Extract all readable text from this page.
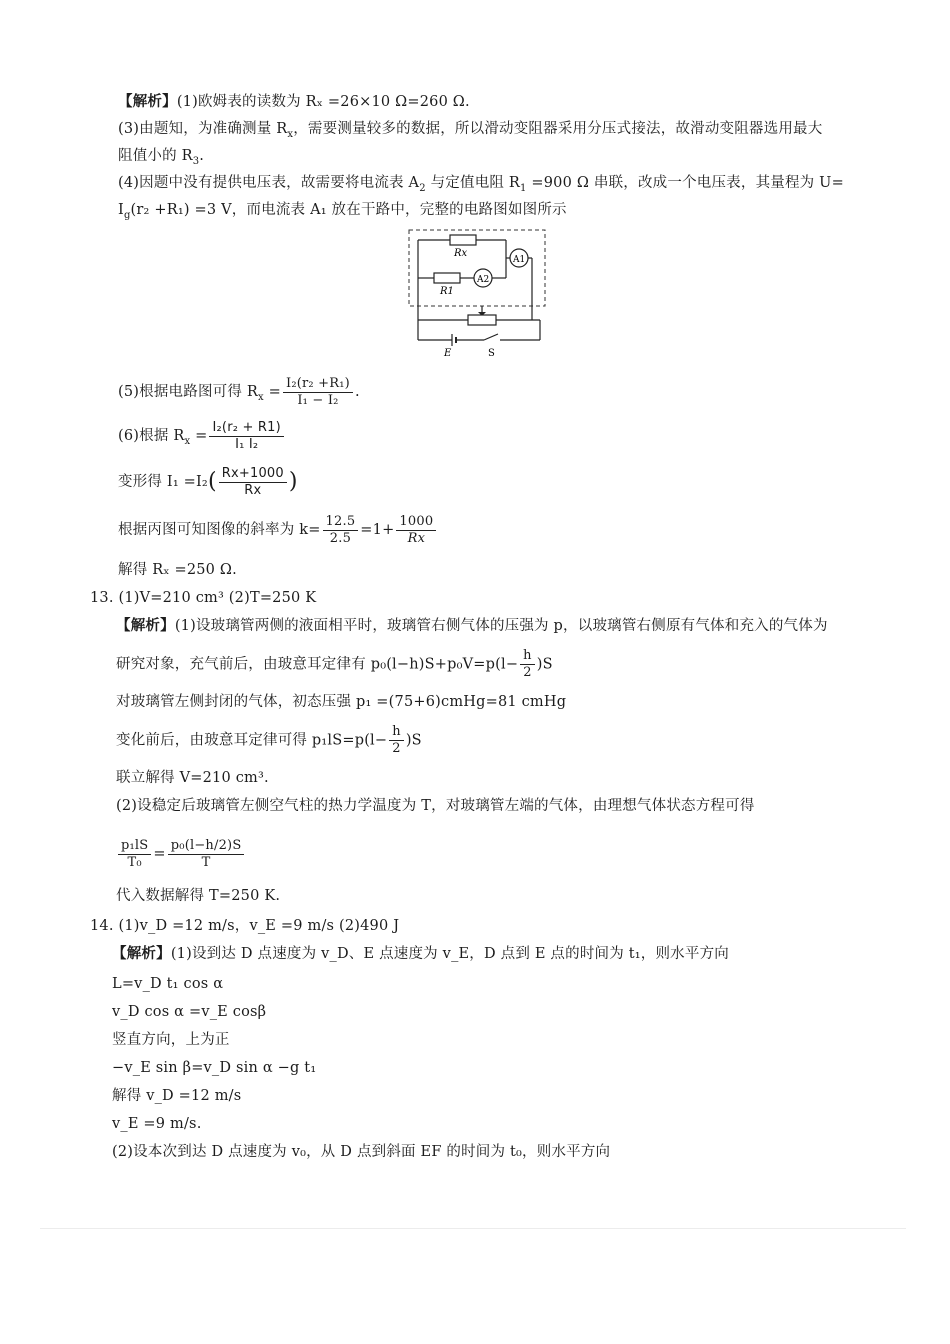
【解析】(1)欧姆表的读数为 Rₓ =26×10 Ω=260 Ω.
(3)由题知，为准确测量 $R_x$，需要测量较多的数据，所以滑动变阻器采用分压式接法，故滑动变阻器选用最大
阻值小的 $R_3$.
(4)因题中没有提供电压表，故需要将电流表 $A_2$ 与定值电阻 $R_1 =900$ Ω 串联，改成一个电压表，其量程为 U=
$I_g(r_2 +R_1) =3$ V，而电流表 A₁ 放在干路中，完整的电路图如图所示
Rx
A1
A2
R1
E	S
(5)根据电路图可得 $R_x = \frac{\text{I₂(r₂ +R₁)}}{\text{I₁ − I₂}}$ .
(6)根据 $R_x = \frac{\text{I₂(r₂ + R1)}}{\text{I₁ I₂}}$
变形得 $I_1 =I_2( \frac{Rx+1000}{Rx}$ )
根据丙图可知图像的斜率为 $k= \frac{12.5}{2.5} =1+ \frac{1000}{Rx}$
解得 Rₓ =250 Ω.
13. (1)V=210 cm³ (2)T=250 K
【解析】(1)设玻璃管两侧的液面相平时，玻璃管右侧气体的压强为 p，以玻璃管右侧原有气体和充入的气体为
研究对象，充气前后，由玻意耳定律有 $p_0(l-h)S+p_0V=p(l- \frac{h}{2} )S$
对玻璃管左侧封闭的气体，初态压强 p₁ =(75+6)cmHg=81 cmHg
变化前后，由玻意耳定律可得 $p_1lS=p(l- \frac{h}{2} )S$
联立解得 V=210 cm³.
(2)设稳定后玻璃管左侧空气柱的热力学温度为 T，对玻璃管左端的气体，由理想气体状态方程可得
$\frac{\text{p₁lS}}{\text{T₀}} = \frac{\text{p₀(l−h/2)S}}{T}$
代入数据解得 T=250 K.
14. (1)v_D =12 m/s，v_E =9 m/s (2)490 J
【解析】(1)设到达 D 点速度为 v_D、E 点速度为 v_E，D 点到 E 点的时间为 t₁，则水平方向
L=v_D t₁ cos α
v_D cos α =v_E cosβ
竖直方向，上为正
−v_E sin β=v_D sin α −g t₁
解得 v_D =12 m/s
v_E =9 m/s.
(2)设本次到达 D 点速度为 v₀，从 D 点到斜面 EF 的时间为 t₀，则水平方向
